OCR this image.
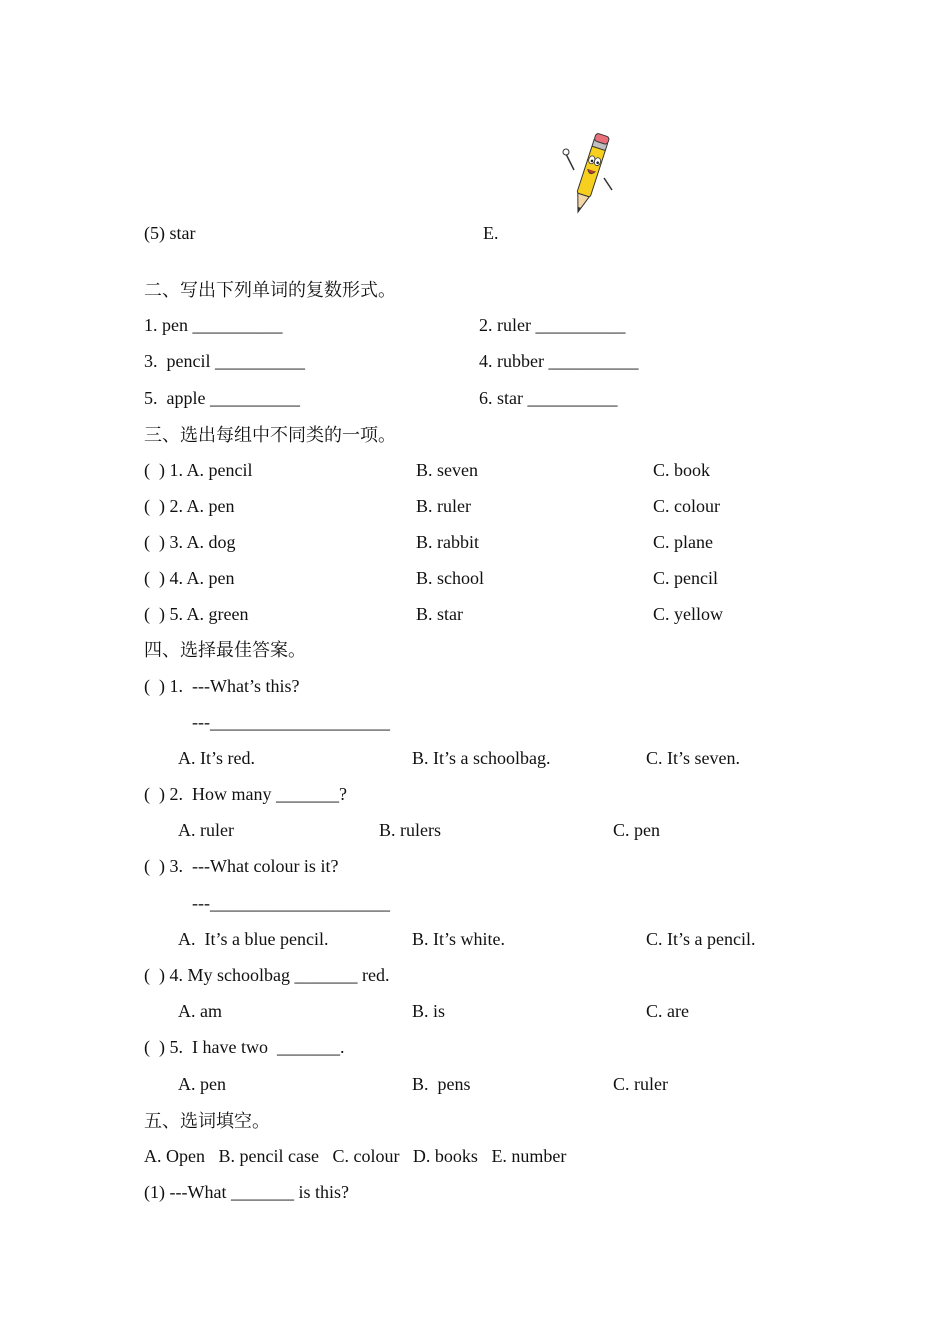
(5) star	E.
二、写出下列单词的复数形式。
1. pen __________	2. ruler __________
3.  pencil __________	4. rubber __________
5.  apple __________	6. star __________
三、选出每组中不同类的一项。
(  ) 1. A. pencil	B. seven	C. book
(  ) 2. A. pen	B. ruler	C. colour
(  ) 3. A. dog	B. rabbit	C. plane
(  ) 4. A. pen	B. school	C. pencil
(  ) 5. A. green	B. star	C. yellow
四、选择最佳答案。
(  ) 1.  ---What’s this?
---____________________
A. It’s red.	B. It’s a schoolbag.	C. It’s seven.
(  ) 2.  How many _______?
A. ruler	B. rulers	C. pen
(  ) 3.  ---What colour is it?
---____________________
A.  It’s a blue pencil.	B. It’s white.	C. It’s a pencil.
(  ) 4. My schoolbag _______ red.
A. am	B. is	C. are
(  ) 5.  I have two  _______.
A. pen	B.  pens	C. ruler
五、选词填空。
A. Open   B. pencil case   C. colour   D. books   E. number
(1) ---What _______ is this?
